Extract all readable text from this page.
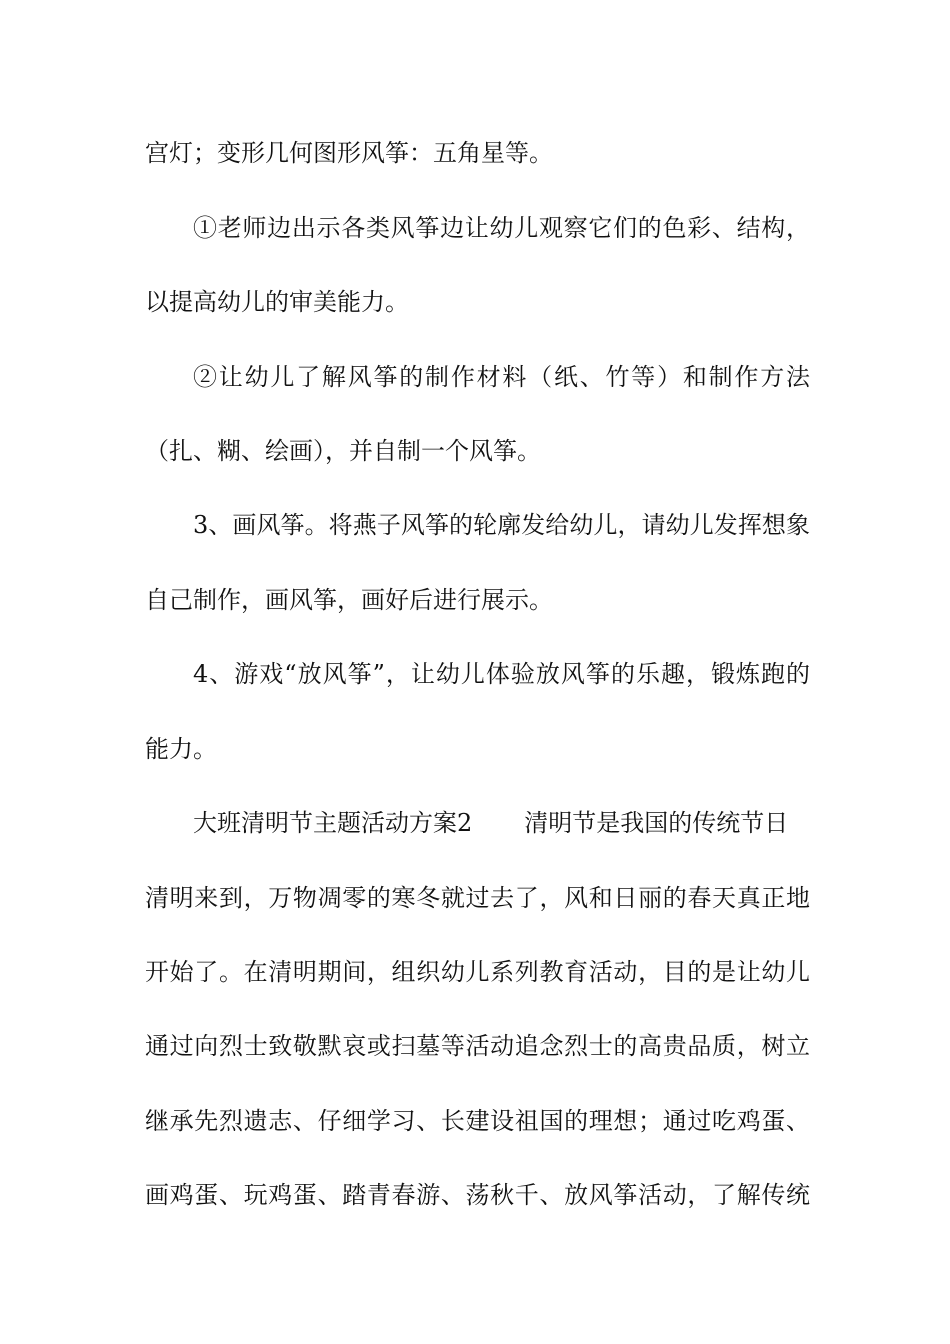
宫灯；变形几何图形风筝：五角星等。
①老师边出示各类风筝边让幼儿观察它们的色彩、结构，
以提高幼儿的审美能力。
②让幼儿了解风筝的制作材料（纸、竹等）和制作方法
（扎、糊、绘画），并自制一个风筝。
3、画风筝。将燕子风筝的轮廓发给幼儿，请幼儿发挥想象
自己制作，画风筝，画好后进行展示。
4、游戏“放风筝”，让幼儿体验放风筝的乐趣，锻炼跑的
能力。
大班清明节主题活动方案2 清明节是我国的传统节日
清明来到，万物凋零的寒冬就过去了，风和日丽的春天真正地
开始了。在清明期间，组织幼儿系列教育活动，目的是让幼儿
通过向烈士致敬默哀或扫墓等活动追念烈士的高贵品质，树立
继承先烈遗志、仔细学习、长建设祖国的理想；通过吃鸡蛋、
画鸡蛋、玩鸡蛋、踏青春游、荡秋千、放风筝活动，了解传统
